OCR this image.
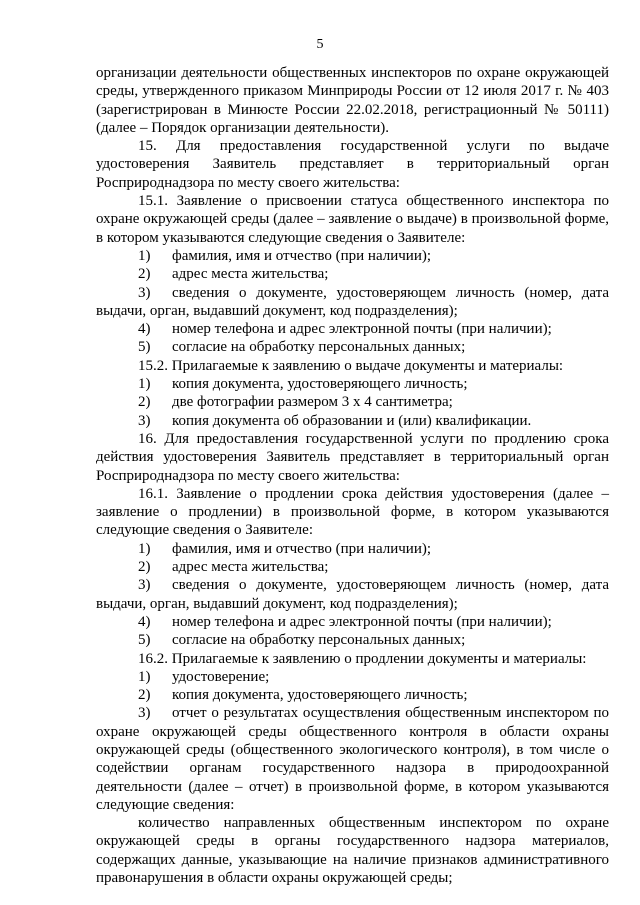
5
организации деятельности общественных инспекторов по охране окружающей среды, утвержденного приказом Минприроды России от 12 июля 2017 г. № 403 (зарегистрирован в Минюсте России 22.02.2018, регистрационный № 50111) (далее – Порядок организации деятельности).
15. Для предоставления государственной услуги по выдаче удостоверения Заявитель представляет в территориальный орган Росприроднадзора по месту своего жительства:
15.1. Заявление о присвоении статуса общественного инспектора по охране окружающей среды (далее – заявление о выдаче) в произвольной форме, в котором указываются следующие сведения о Заявителе:
1)	фамилия, имя и отчество (при наличии);
2)	адрес места жительства;
3) сведения о документе, удостоверяющем личность (номер, дата выдачи, орган, выдавший документ, код подразделения);
4)	номер телефона и адрес электронной почты (при наличии);
5)	согласие на обработку персональных данных;
15.2. Прилагаемые к заявлению о выдаче документы и материалы:
1)	копия документа, удостоверяющего личность;
2)	две фотографии размером 3 х 4 сантиметра;
3)	копия документа об образовании и (или) квалификации.
16. Для предоставления государственной услуги по продлению срока действия удостоверения Заявитель представляет в территориальный орган Росприроднадзора по месту своего жительства:
16.1. Заявление о продлении срока действия удостоверения (далее – заявление о продлении) в произвольной форме, в котором указываются следующие сведения о Заявителе:
1)	фамилия, имя и отчество (при наличии);
2)	адрес места жительства;
3) сведения о документе, удостоверяющем личность (номер, дата выдачи, орган, выдавший документ, код подразделения);
4)	номер телефона и адрес электронной почты (при наличии);
5)	согласие на обработку персональных данных;
16.2. Прилагаемые к заявлению о продлении документы и материалы:
1)	удостоверение;
2)	копия документа, удостоверяющего личность;
3) отчет о результатах осуществления общественным инспектором по охране окружающей среды общественного контроля в области охраны окружающей среды (общественного экологического контроля), в том числе о содействии органам государственного надзора в природоохранной деятельности (далее – отчет) в произвольной форме, в котором указываются следующие сведения:
количество направленных общественным инспектором по охране окружающей среды в органы государственного надзора материалов, содержащих данные, указывающие на наличие признаков административного правонарушения в области охраны окружающей среды;
